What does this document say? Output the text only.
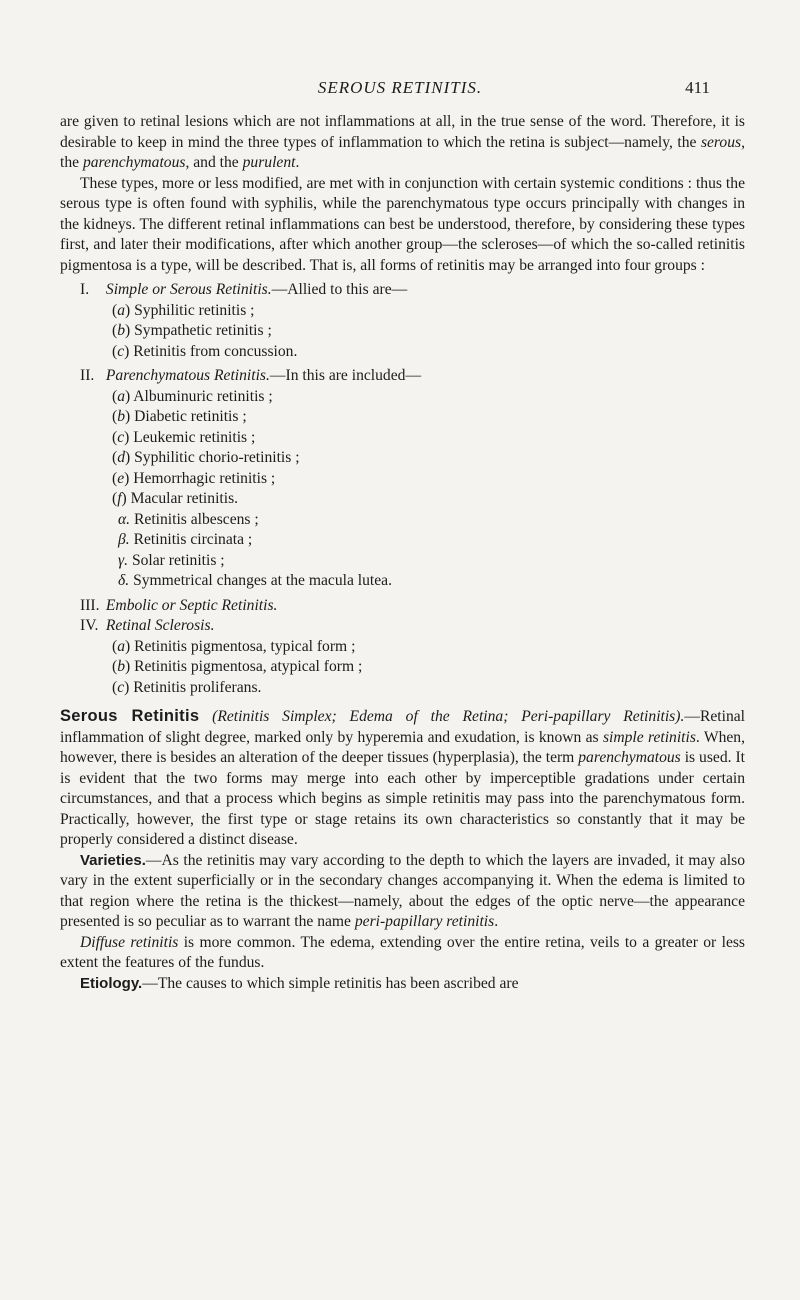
SEROUS RETINITIS.	411

are given to retinal lesions which are not inflammations at all, in the true sense of the word. Therefore, it is desirable to keep in mind the three types of inflammation to which the retina is subject—namely, the serous, the parenchymatous, and the purulent.

These types, more or less modified, are met with in conjunction with certain systemic conditions : thus the serous type is often found with syphilis, while the parenchymatous type occurs principally with changes in the kidneys. The different retinal inflammations can best be understood, therefore, by considering these types first, and later their modifications, after which another group—the scleroses—of which the so-called retinitis pigmentosa is a type, will be described. That is, all forms of retinitis may be arranged into four groups :

I. Simple or Serous Retinitis.—Allied to this are—
(a) Syphilitic retinitis ;
(b) Sympathetic retinitis ;
(c) Retinitis from concussion.
II. Parenchymatous Retinitis.—In this are included—
(a) Albuminuric retinitis ;
(b) Diabetic retinitis ;
(c) Leukemic retinitis ;
(d) Syphilitic chorio-retinitis ;
(e) Hemorrhagic retinitis ;
(f) Macular retinitis.
α. Retinitis albescens ;
β. Retinitis circinata ;
γ. Solar retinitis ;
δ. Symmetrical changes at the macula lutea.
III. Embolic or Septic Retinitis.
IV. Retinal Sclerosis.
(a) Retinitis pigmentosa, typical form ;
(b) Retinitis pigmentosa, atypical form ;
(c) Retinitis proliferans.

Serous Retinitis (Retinitis Simplex; Edema of the Retina; Peri-papillary Retinitis).—Retinal inflammation of slight degree, marked only by hyperemia and exudation, is known as simple retinitis. When, however, there is besides an alteration of the deeper tissues (hyperplasia), the term parenchymatous is used. It is evident that the two forms may merge into each other by imperceptible gradations under certain circumstances, and that a process which begins as simple retinitis may pass into the parenchymatous form. Practically, however, the first type or stage retains its own characteristics so constantly that it may be properly considered a distinct disease.

Varieties.—As the retinitis may vary according to the depth to which the layers are invaded, it may also vary in the extent superficially or in the secondary changes accompanying it. When the edema is limited to that region where the retina is the thickest—namely, about the edges of the optic nerve—the appearance presented is so peculiar as to warrant the name peri-papillary retinitis.

Diffuse retinitis is more common. The edema, extending over the entire retina, veils to a greater or less extent the features of the fundus.

Etiology.—The causes to which simple retinitis has been ascribed are
